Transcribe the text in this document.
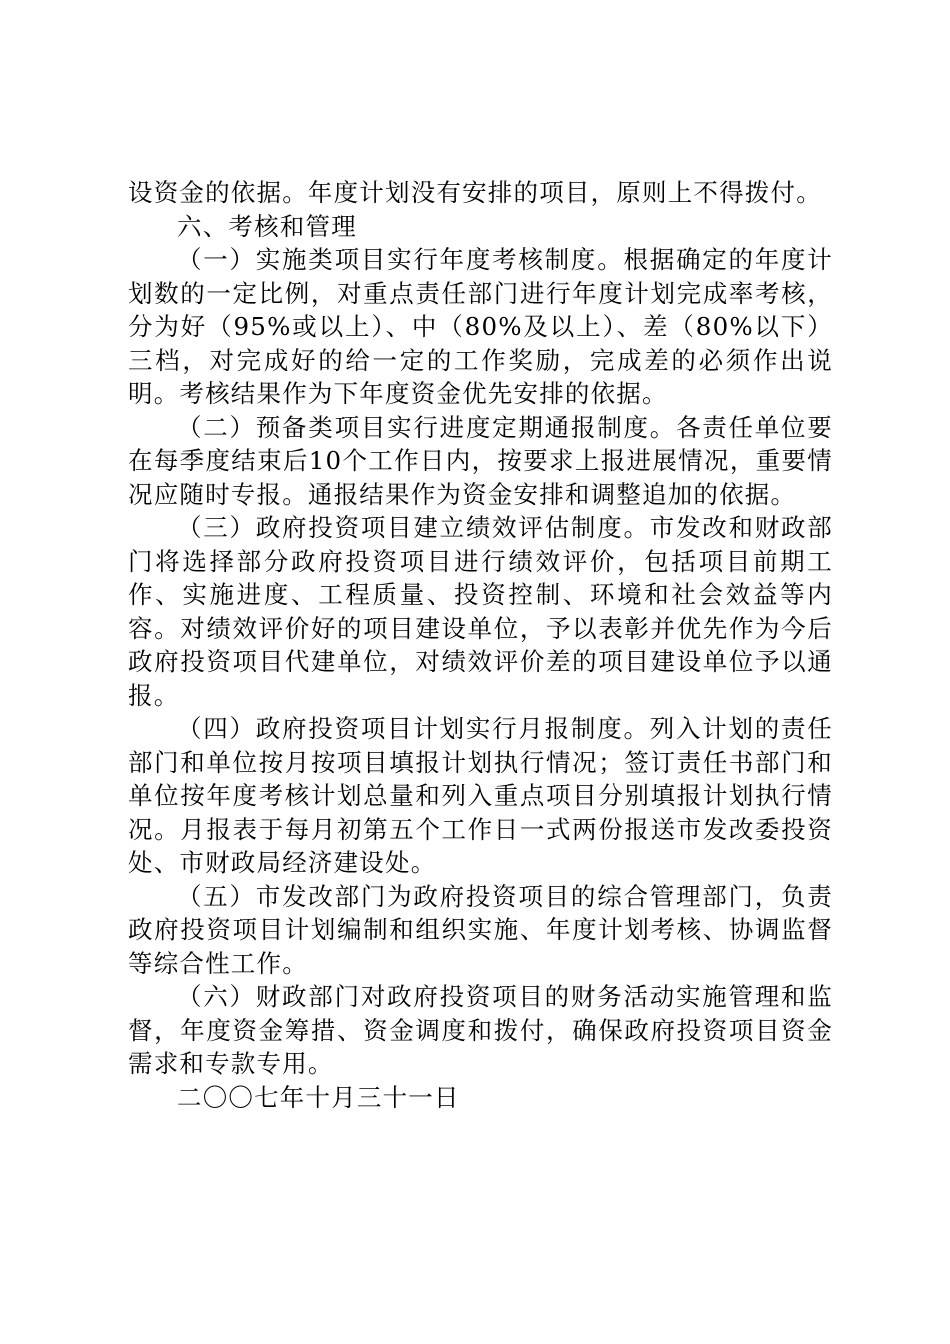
设资金的依据。年度计划没有安排的项目，原则上不得拨付。

六、考核和管理

（一）实施类项目实行年度考核制度。根据确定的年度计划数的一定比例，对重点责任部门进行年度计划完成率考核，分为好（95%或以上）、中（80%及以上）、差（80%以下）三档，对完成好的给一定的工作奖励，完成差的必须作出说明。考核结果作为下年度资金优先安排的依据。

（二）预备类项目实行进度定期通报制度。各责任单位要在每季度结束后10个工作日内，按要求上报进展情况，重要情况应随时专报。通报结果作为资金安排和调整追加的依据。

（三）政府投资项目建立绩效评估制度。市发改和财政部门将选择部分政府投资项目进行绩效评价，包括项目前期工作、实施进度、工程质量、投资控制、环境和社会效益等内容。对绩效评价好的项目建设单位，予以表彰并优先作为今后政府投资项目代建单位，对绩效评价差的项目建设单位予以通报。

（四）政府投资项目计划实行月报制度。列入计划的责任部门和单位按月按项目填报计划执行情况；签订责任书部门和单位按年度考核计划总量和列入重点项目分别填报计划执行情况。月报表于每月初第五个工作日一式两份报送市发改委投资处、市财政局经济建设处。

（五）市发改部门为政府投资项目的综合管理部门，负责政府投资项目计划编制和组织实施、年度计划考核、协调监督等综合性工作。

（六）财政部门对政府投资项目的财务活动实施管理和监督，年度资金筹措、资金调度和拨付，确保政府投资项目资金需求和专款专用。

二〇〇七年十月三十一日
